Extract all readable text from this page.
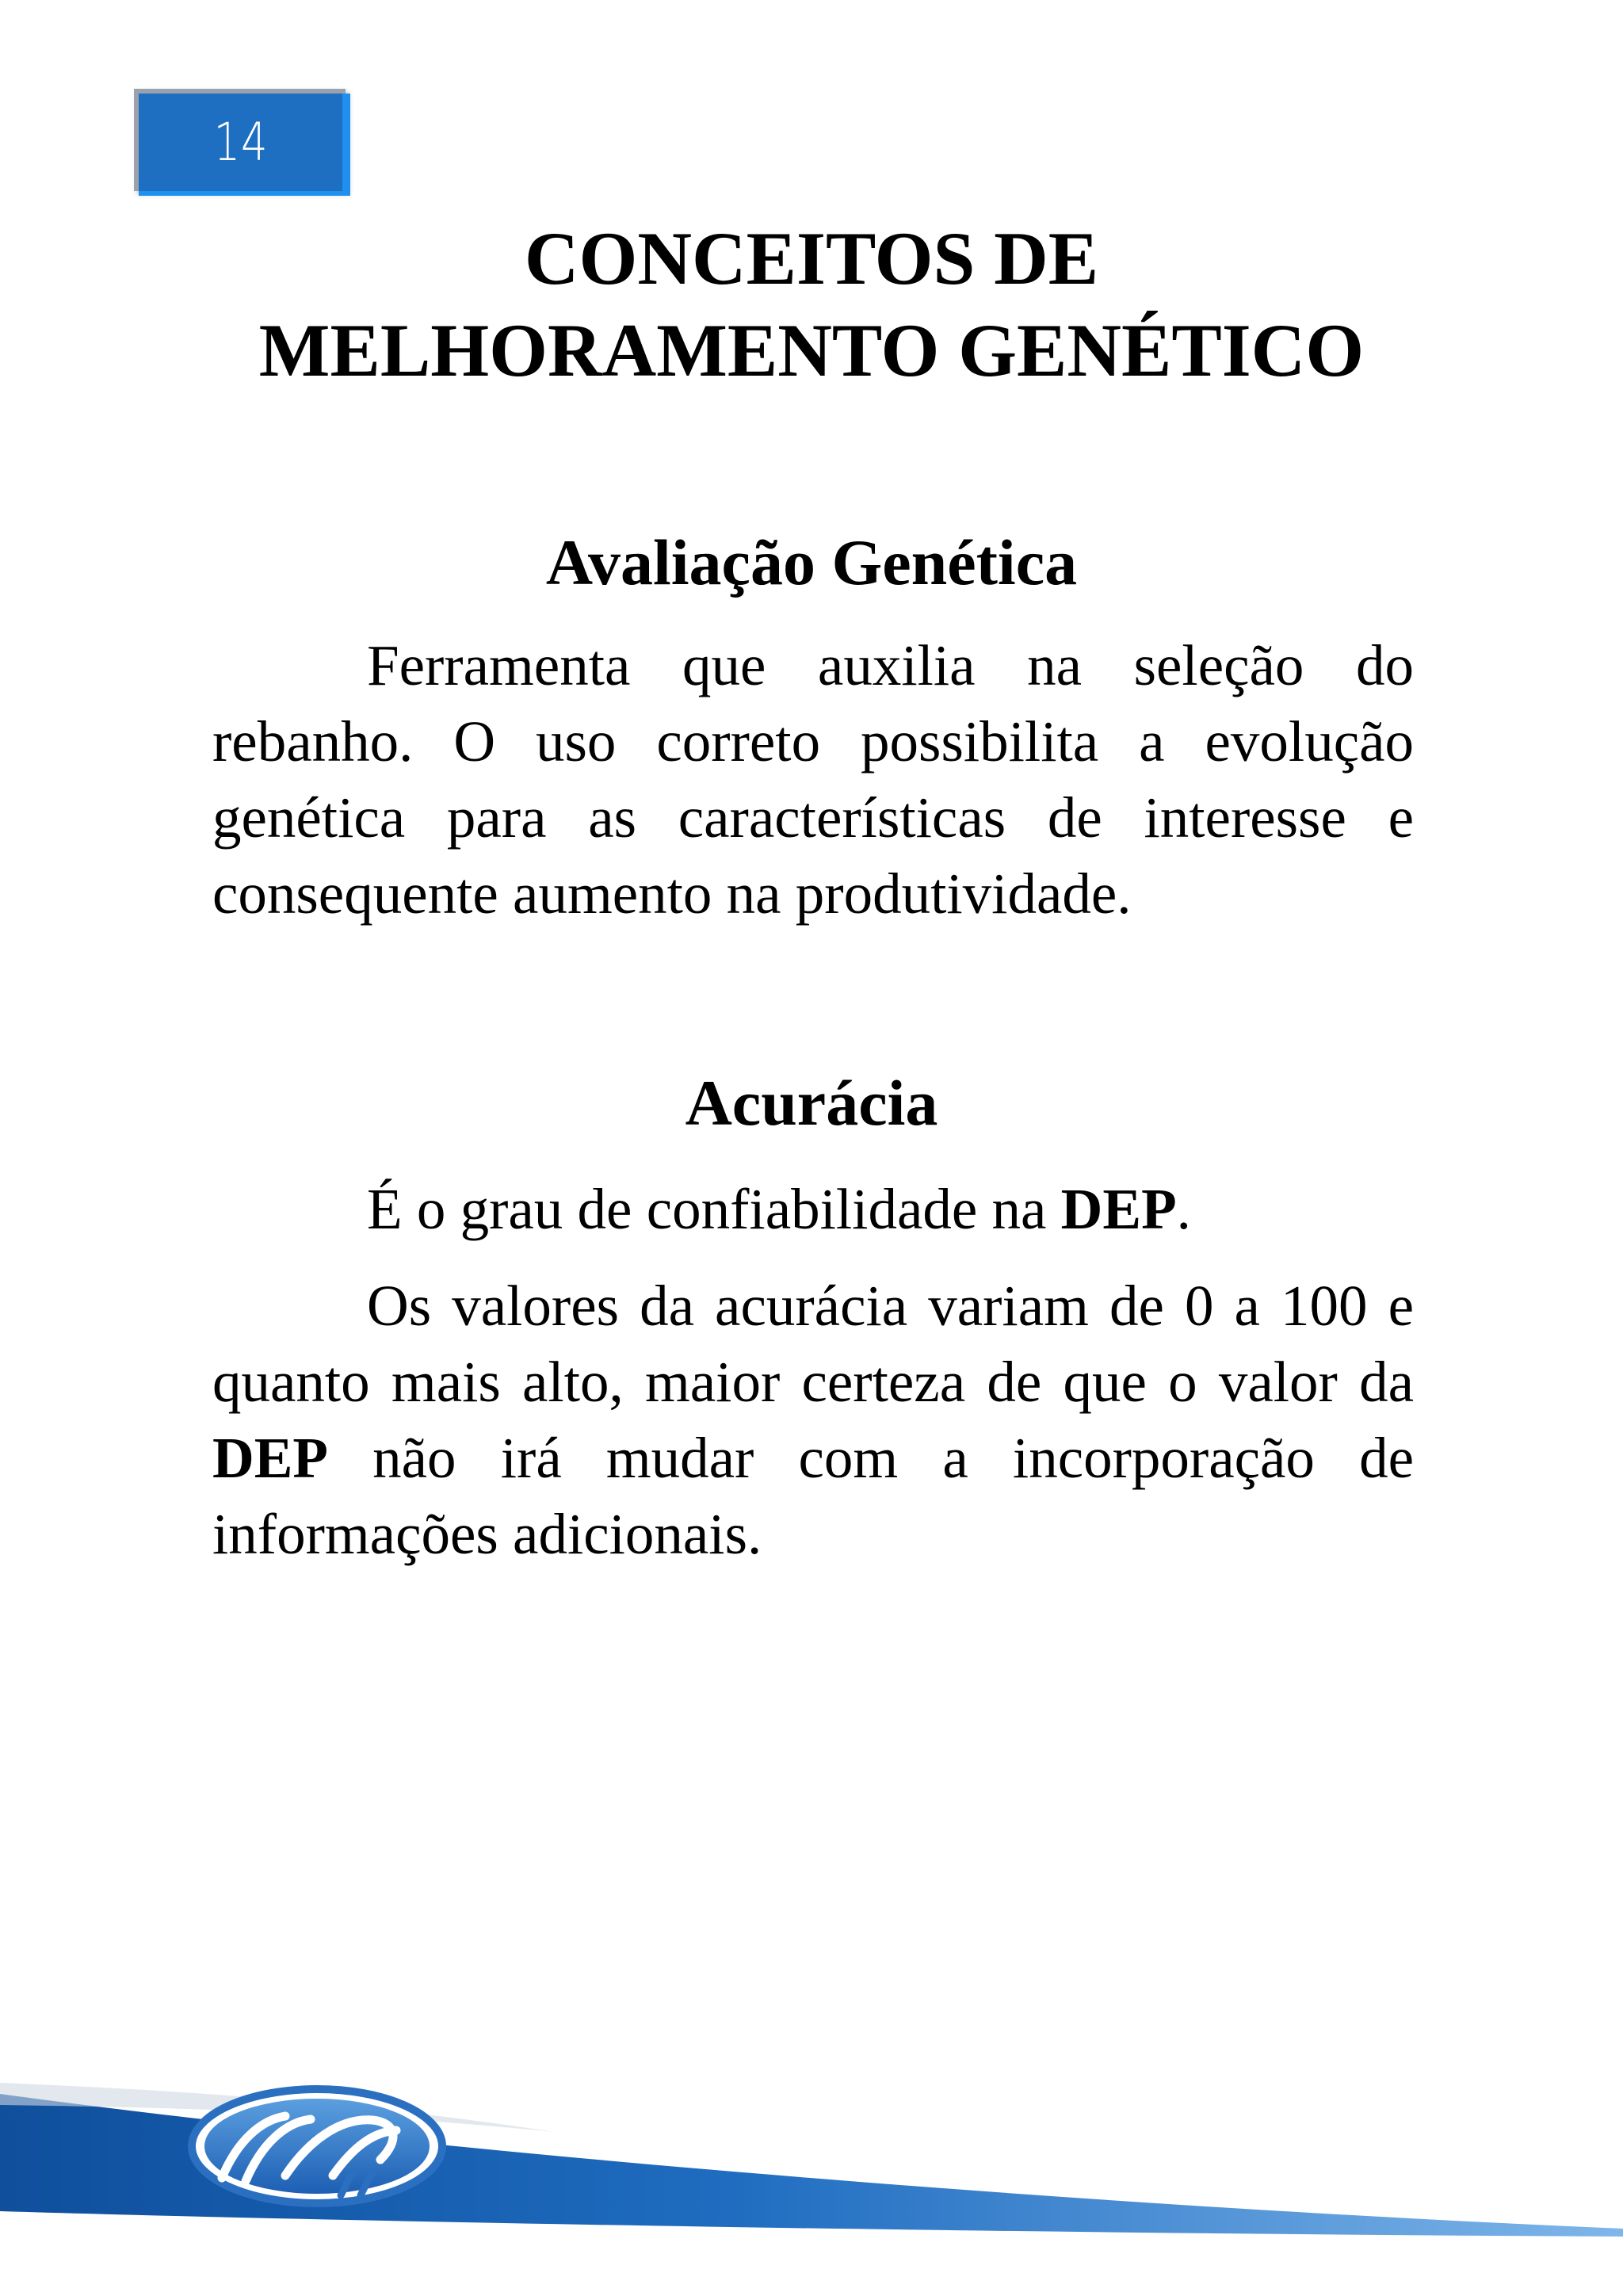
14
CONCEITOS DE
MELHORAMENTO GENÉTICO
Avaliação Genética

Ferramenta que auxilia na seleção do rebanho. O uso correto possibilita a evolução genética para as características de interesse e consequente aumento na produtividade.

Acurácia

É o grau de confiabilidade na DEP.

Os valores da acurácia variam de 0 a 100 e quanto mais alto, maior certeza de que o valor da DEP não irá mudar com a incorporação de informações adicionais.
